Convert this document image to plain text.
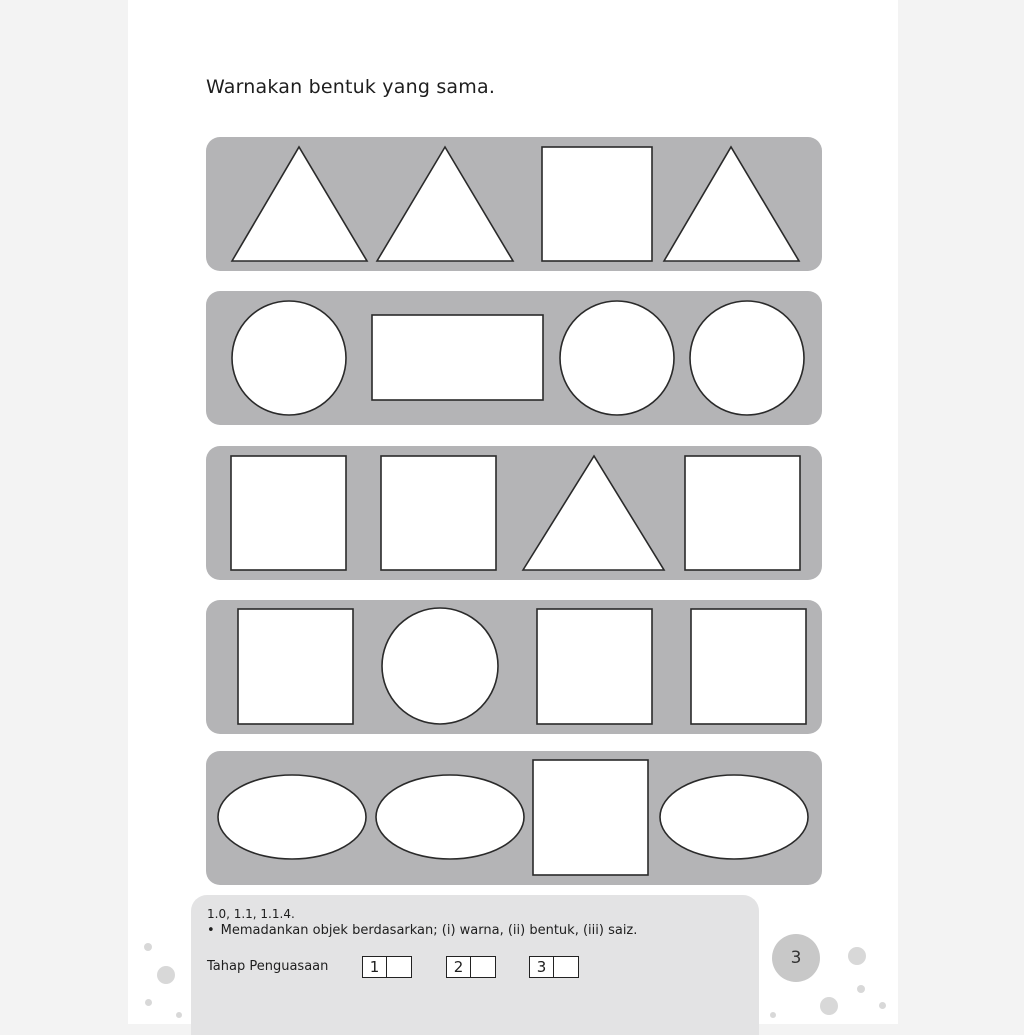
Warnakan bentuk yang sama.
1.0, 1.1, 1.1.4.
• Memadankan objek berdasarkan; (i) warna, (ii) bentuk, (iii) saiz.
Tahap Penguasaan	1	2	3	3
